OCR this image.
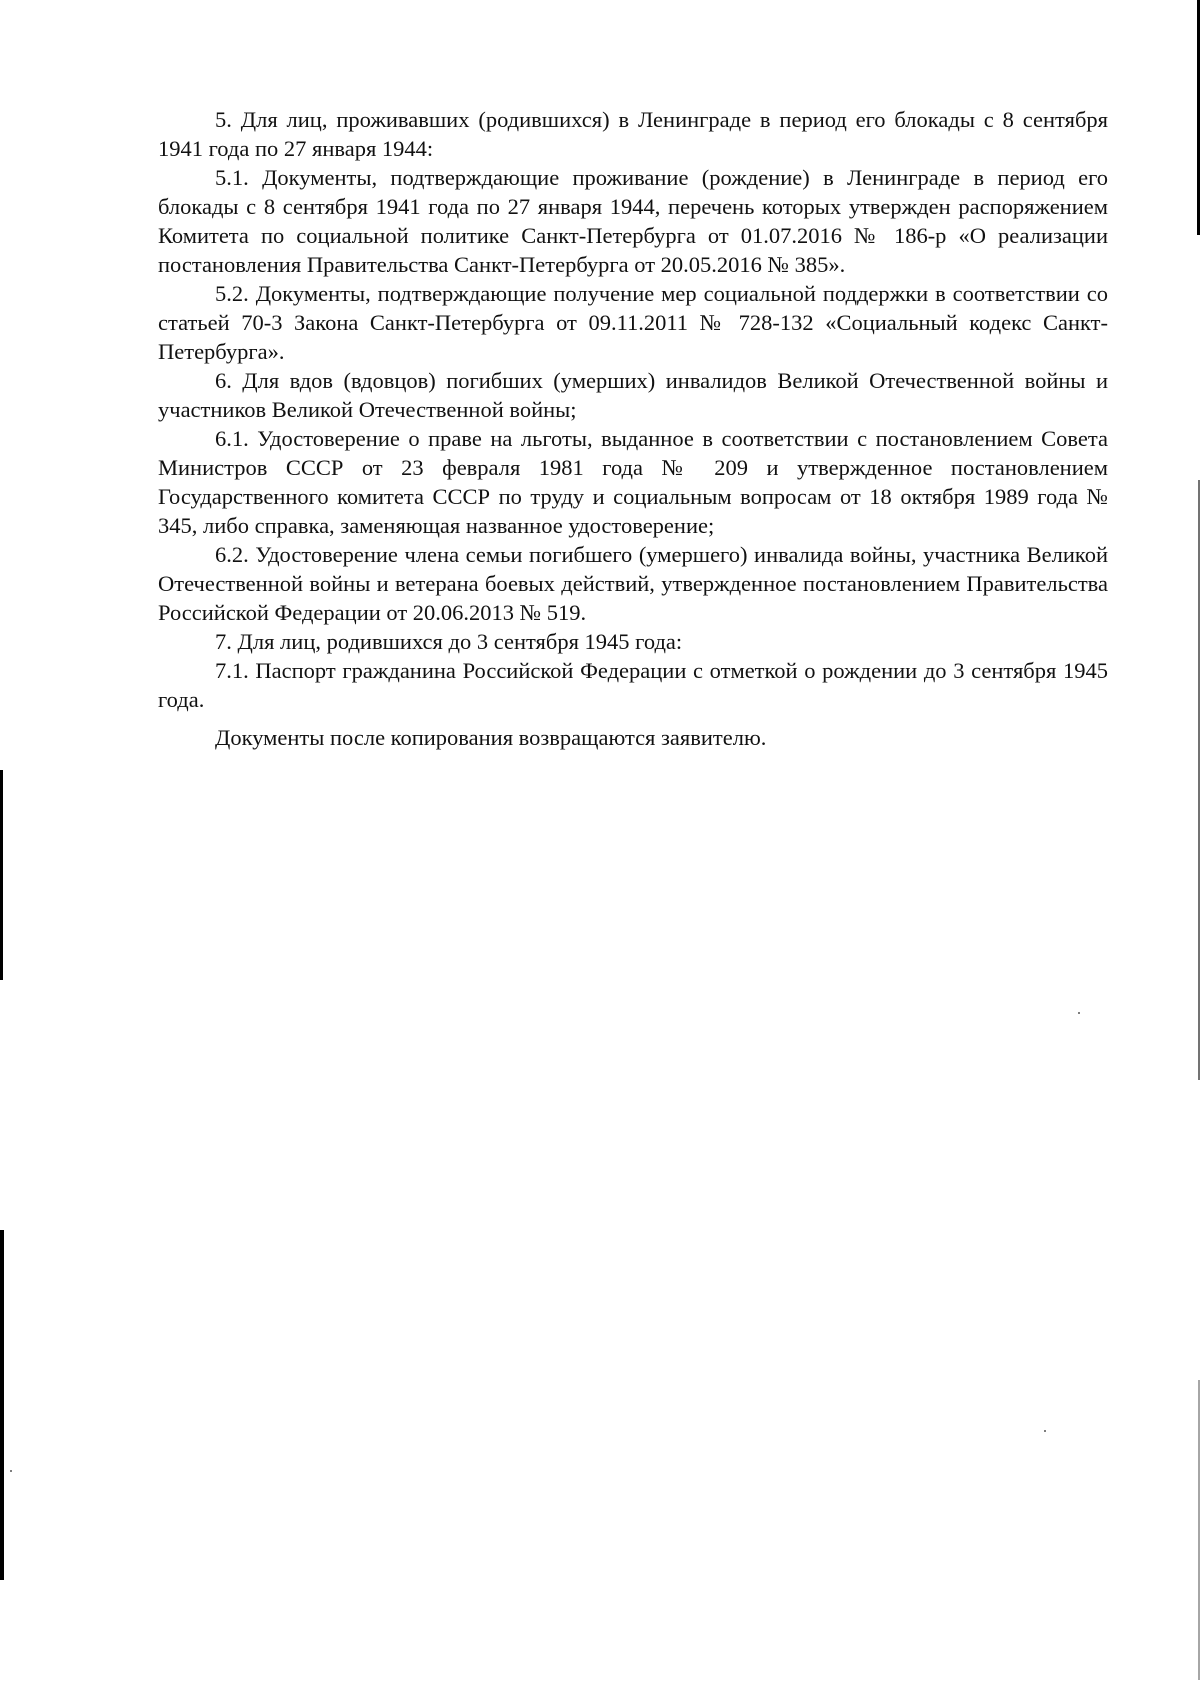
5. Для лиц, проживавших (родившихся) в Ленинграде в период его блокады с 8 сентября 1941 года по 27 января 1944:

5.1. Документы, подтверждающие проживание (рождение) в Ленинграде в период его блокады с 8 сентября 1941 года по 27 января 1944, перечень которых утвержден распоряжением Комитета по социальной политике Санкт-Петербурга от 01.07.2016 № 186-р «О реализации постановления Правительства Санкт-Петербурга от 20.05.2016 № 385».

5.2. Документы, подтверждающие получение мер социальной поддержки в соответствии со статьей 70-3 Закона Санкт-Петербурга от 09.11.2011 № 728-132 «Социальный кодекс Санкт-Петербурга».

6. Для вдов (вдовцов) погибших (умерших) инвалидов Великой Отечественной войны и участников Великой Отечественной войны;

6.1. Удостоверение о праве на льготы, выданное в соответствии с постановлением Совета Министров СССР от 23 февраля 1981 года № 209 и утвержденное постановлением Государственного комитета СССР по труду и социальным вопросам от 18 октября 1989 года № 345, либо справка, заменяющая названное удостоверение;

6.2. Удостоверение члена семьи погибшего (умершего) инвалида войны, участника Великой Отечественной войны и ветерана боевых действий, утвержденное постановлением Правительства Российской Федерации от 20.06.2013 № 519.

7. Для лиц, родившихся до 3 сентября 1945 года:

7.1. Паспорт гражданина Российской Федерации с отметкой о рождении до 3 сентября 1945 года.

Документы после копирования возвращаются заявителю.
